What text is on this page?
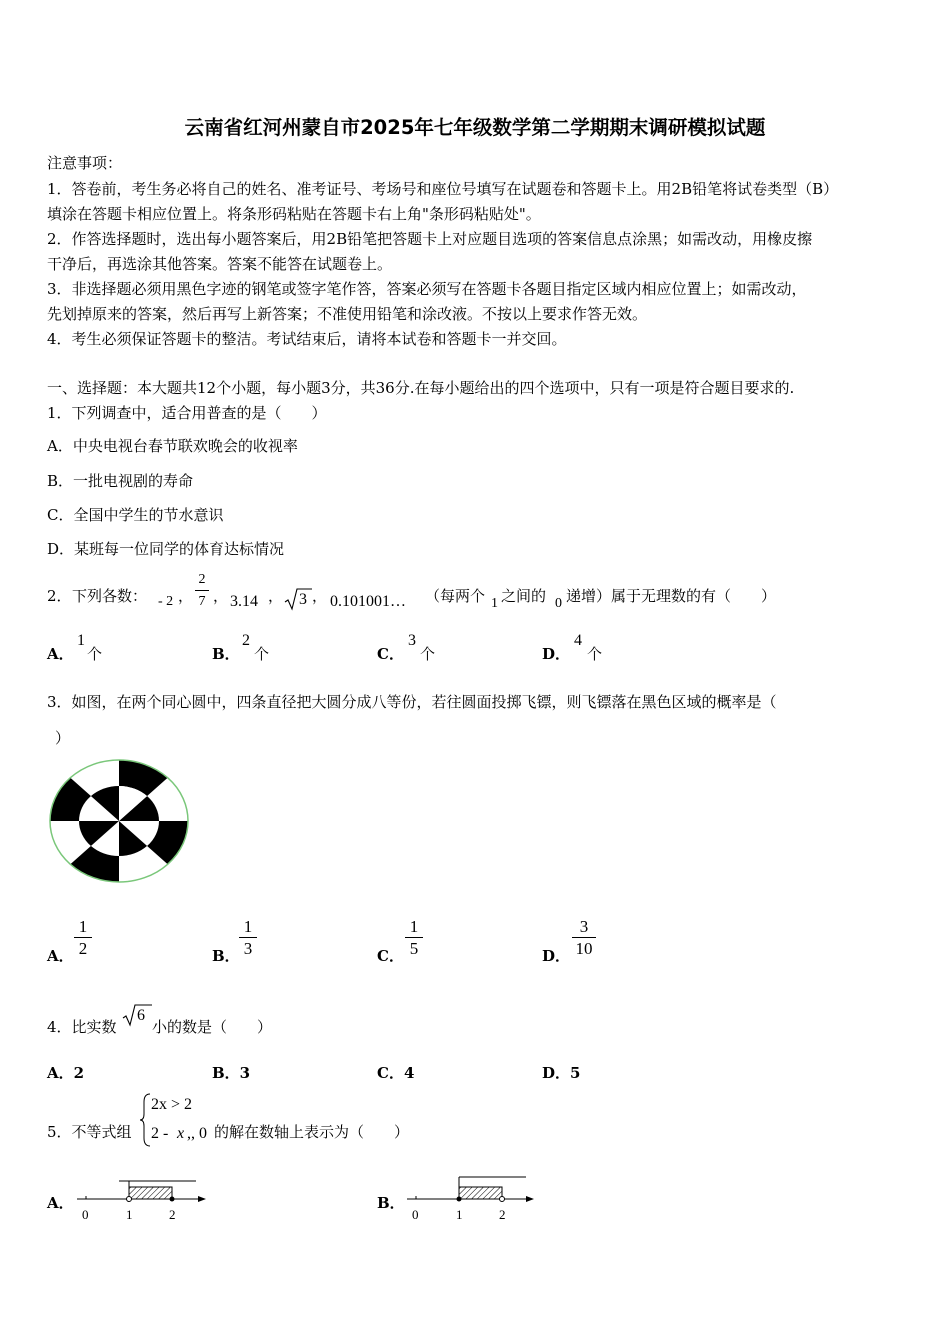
云南省红河州蒙自市2025年七年级数学第二学期期末调研模拟试题
注意事项：
1．答卷前，考生务必将自己的姓名、准考证号、考场号和座位号填写在试题卷和答题卡上。用2B铅笔将试卷类型（B）
填涂在答题卡相应位置上。将条形码粘贴在答题卡右上角"条形码粘贴处"。
2．作答选择题时，选出每小题答案后，用2B铅笔把答题卡上对应题目选项的答案信息点涂黑；如需改动，用橡皮擦
干净后，再选涂其他答案。答案不能答在试题卷上。
3．非选择题必须用黑色字迹的钢笔或签字笔作答，答案必须写在答题卡各题目指定区域内相应位置上；如需改动，
先划掉原来的答案，然后再写上新答案；不准使用铅笔和涂改液。不按以上要求作答无效。
4．考生必须保证答题卡的整洁。考试结束后，请将本试卷和答题卡一并交回。
一、选择题：本大题共12个小题，每小题3分，共36分.在每小题给出的四个选项中，只有一项是符合题目要求的.
1．下列调查中，适合用普查的是（　　）
A．中央电视台春节联欢晚会的收视率
B．一批电视剧的寿命
C．全国中学生的节水意识
D．某班每一位同学的体育达标情况
2． 下列各数： - 2 ，
2
7 ， 3.14 ， 3 ， 0.101001… （每两个 1 之间的 0 递增）属于无理数的有（　　）
A．
1
个	B．
2
个	C．
3
个	D．
4
个
3．如图，在两个同心圆中，四条直径把大圆分成八等份，若往圆面投掷飞镖，则飞镖落在黑色区域的概率是（
）
A．
1
2	B．
1
3	C．
1
5	D．
3
10
4．比实数
6
小的数是（　　）
A．2	B．3	C．4	D．5
5．不等式组
2x > 2
2 - x ,, 0 的解在数轴上表示为（　　）
A．
0	1	2
B．
0	1	2
